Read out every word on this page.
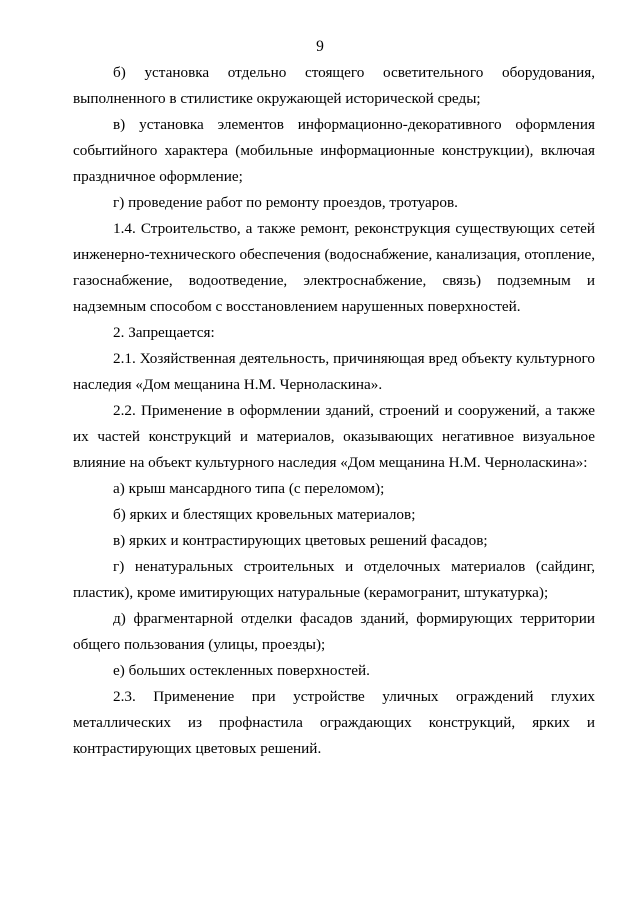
9

б) установка отдельно стоящего осветительного оборудования, выполненного в стилистике окружающей исторической среды;

в) установка элементов информационно-декоративного оформления событийного характера (мобильные информационные конструкции), включая праздничное оформление;

г) проведение работ по ремонту проездов, тротуаров.

1.4. Строительство, а также ремонт, реконструкция существующих сетей инженерно-технического обеспечения (водоснабжение, канализация, отопление, газоснабжение, водоотведение, электроснабжение, связь) подземным и надземным способом с восстановлением нарушенных поверхностей.

2. Запрещается:

2.1. Хозяйственная деятельность, причиняющая вред объекту культурного наследия «Дом мещанина Н.М. Черноласкина».

2.2. Применение в оформлении зданий, строений и сооружений, а также их частей конструкций и материалов, оказывающих негативное визуальное влияние на объект культурного наследия «Дом мещанина Н.М. Черноласкина»:

а) крыш мансардного типа (с переломом);

б) ярких и блестящих кровельных материалов;

в) ярких и контрастирующих цветовых решений фасадов;

г) ненатуральных строительных и отделочных материалов (сайдинг, пластик), кроме имитирующих натуральные (керамогранит, штукатурка);

д) фрагментарной отделки фасадов зданий, формирующих территории общего пользования (улицы, проезды);

е) больших остекленных поверхностей.

2.3. Применение при устройстве уличных ограждений глухих металлических из профнастила ограждающих конструкций, ярких и контрастирующих цветовых решений.
